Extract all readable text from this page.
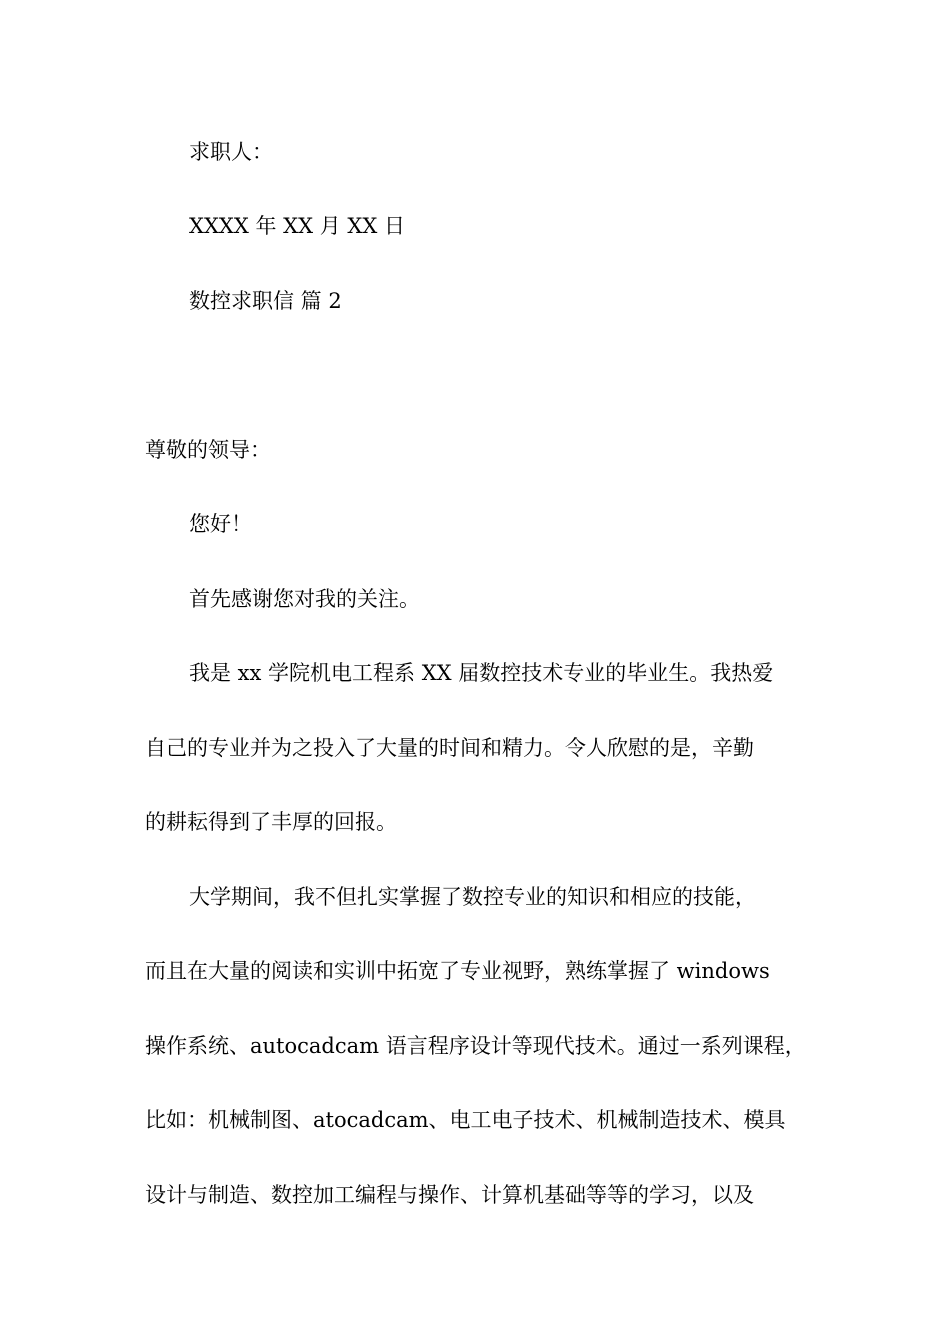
求职人：
XXXX 年 XX 月 XX 日
数控求职信 篇 2
尊敬的领导：
您好！
首先感谢您对我的关注。
我是 xx 学院机电工程系 XX 届数控技术专业的毕业生。我热爱
自己的专业并为之投入了大量的时间和精力。令人欣慰的是，辛勤
的耕耘得到了丰厚的回报。
大学期间，我不但扎实掌握了数控专业的知识和相应的技能，
而且在大量的阅读和实训中拓宽了专业视野，熟练掌握了 windows
操作系统、autocadcam 语言程序设计等现代技术。通过一系列课程，
比如：机械制图、atocadcam、电工电子技术、机械制造技术、模具
设计与制造、数控加工编程与操作、计算机基础等等的学习，以及
